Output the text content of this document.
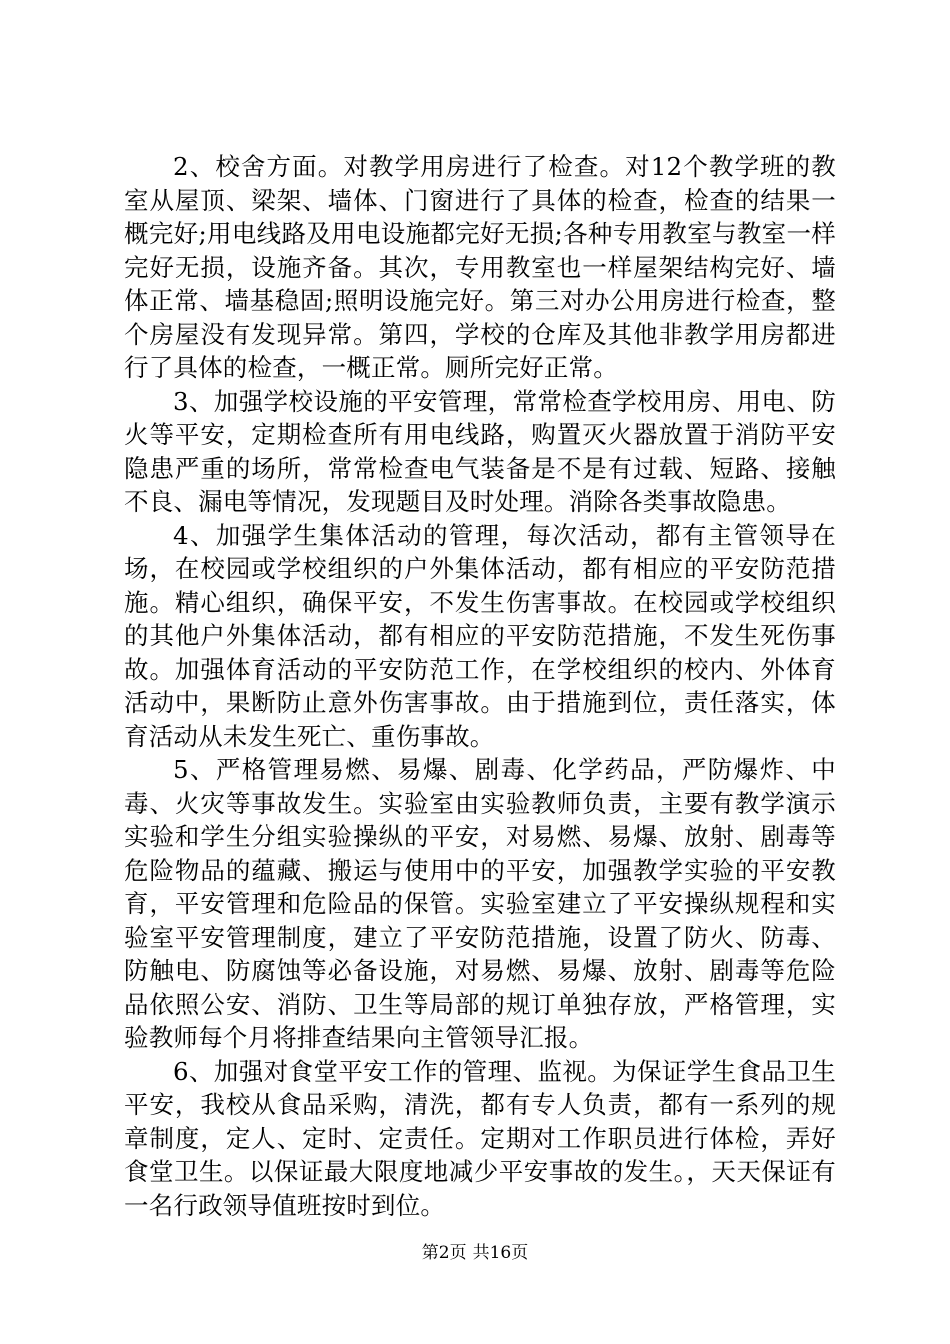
2、校舍方面。对教学用房进行了检查。对12个教学班的教室从屋顶、梁架、墙体、门窗进行了具体的检查，检查的结果一概完好;用电线路及用电设施都完好无损;各种专用教室与教室一样完好无损，设施齐备。其次，专用教室也一样屋架结构完好、墙体正常、墙基稳固;照明设施完好。第三对办公用房进行检查，整个房屋没有发现异常。第四，学校的仓库及其他非教学用房都进行了具体的检查，一概正常。厕所完好正常。

3、加强学校设施的平安管理，常常检查学校用房、用电、防火等平安，定期检查所有用电线路，购置灭火器放置于消防平安隐患严重的场所，常常检查电气装备是不是有过载、短路、接触不良、漏电等情况，发现题目及时处理。消除各类事故隐患。

4、加强学生集体活动的管理，每次活动，都有主管领导在场，在校园或学校组织的户外集体活动，都有相应的平安防范措施。精心组织，确保平安，不发生伤害事故。在校园或学校组织的其他户外集体活动，都有相应的平安防范措施，不发生死伤事故。加强体育活动的平安防范工作，在学校组织的校内、外体育活动中，果断防止意外伤害事故。由于措施到位，责任落实，体育活动从未发生死亡、重伤事故。

5、严格管理易燃、易爆、剧毒、化学药品，严防爆炸、中毒、火灾等事故发生。实验室由实验教师负责，主要有教学演示实验和学生分组实验操纵的平安，对易燃、易爆、放射、剧毒等危险物品的蕴藏、搬运与使用中的平安，加强教学实验的平安教育，平安管理和危险品的保管。实验室建立了平安操纵规程和实验室平安管理制度，建立了平安防范措施，设置了防火、防毒、防触电、防腐蚀等必备设施，对易燃、易爆、放射、剧毒等危险品依照公安、消防、卫生等局部的规订单独存放，严格管理，实验教师每个月将排查结果向主管领导汇报。

6、加强对食堂平安工作的管理、监视。为保证学生食品卫生平安，我校从食品采购，清洗，都有专人负责，都有一系列的规章制度，定人、定时、定责任。定期对工作职员进行体检，弄好食堂卫生。以保证最大限度地减少平安事故的发生。，天天保证有一名行政领导值班按时到位。

第2页 共16页
